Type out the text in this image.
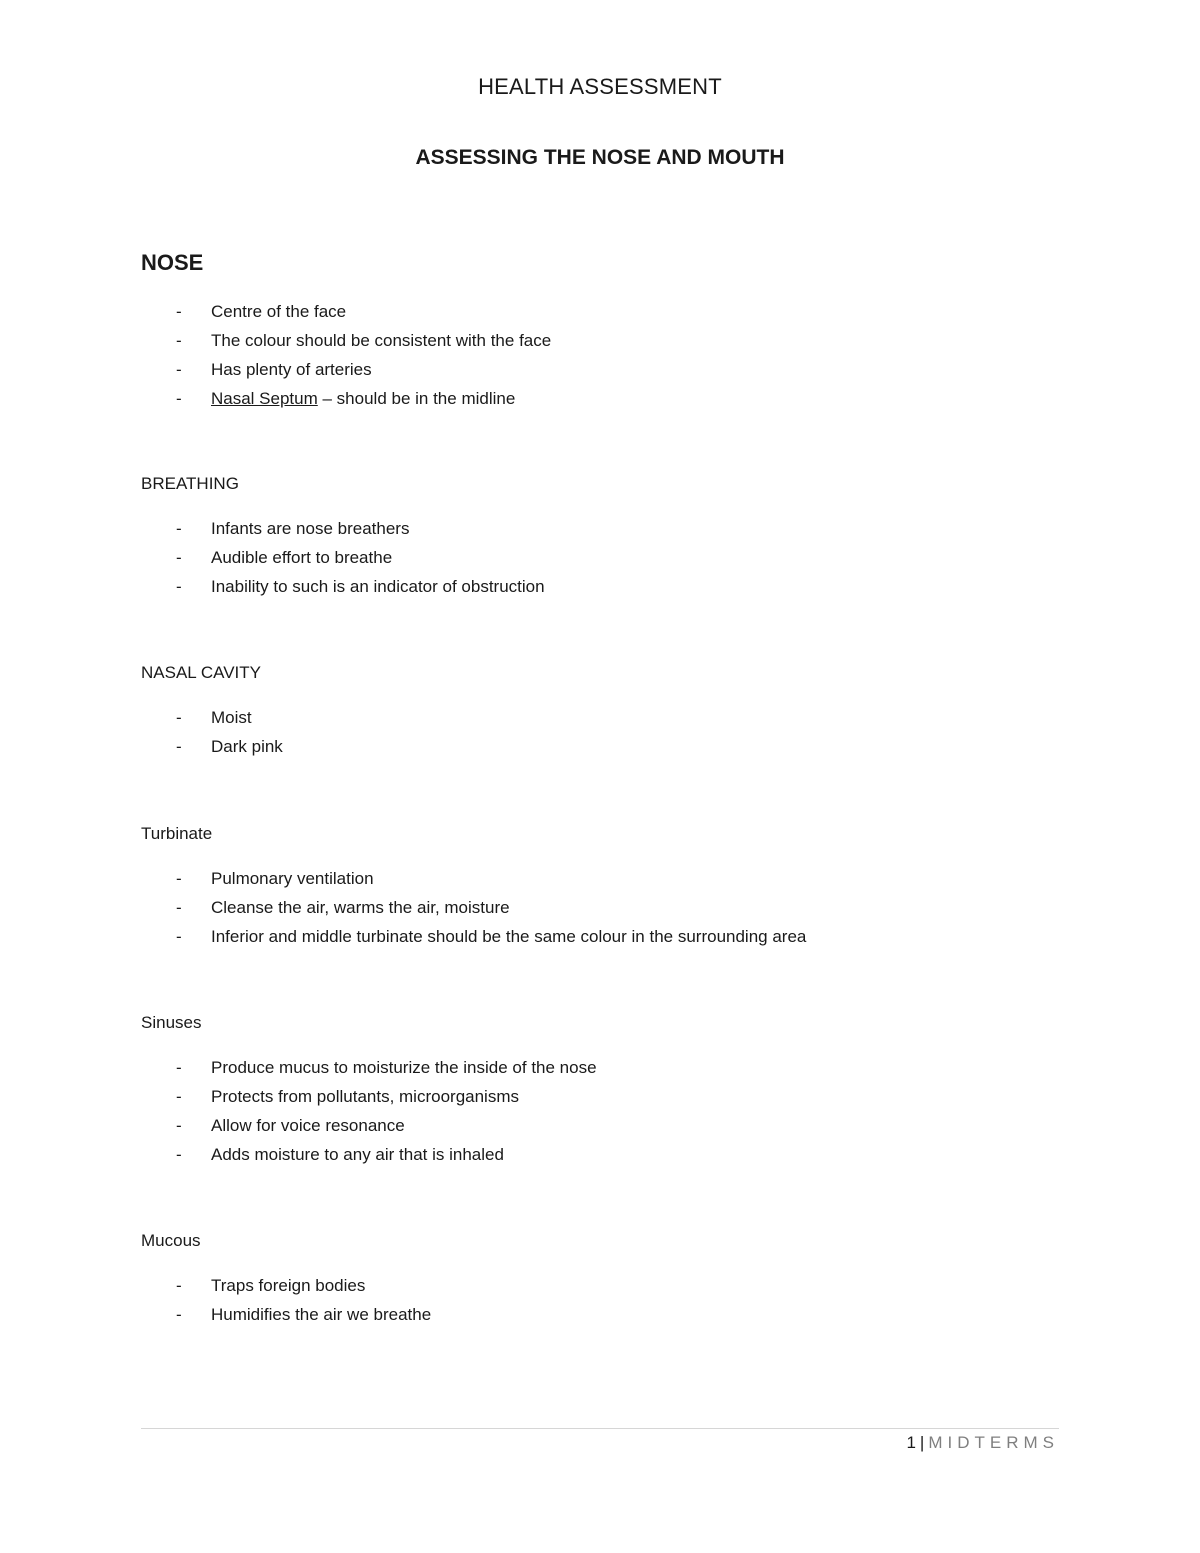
HEALTH ASSESSMENT
ASSESSING THE NOSE AND MOUTH
NOSE
- Centre of the face
- The colour should be consistent with the face
- Has plenty of arteries
- Nasal Septum – should be in the midline
BREATHING
- Infants are nose breathers
- Audible effort to breathe
- Inability to such is an indicator of obstruction
NASAL CAVITY
- Moist
- Dark pink
Turbinate
- Pulmonary ventilation
- Cleanse the air, warms the air, moisture
- Inferior and middle turbinate should be the same colour in the surrounding area
Sinuses
- Produce mucus to moisturize the inside of the nose
- Protects from pollutants, microorganisms
- Allow for voice resonance
- Adds moisture to any air that is inhaled
Mucous
- Traps foreign bodies
- Humidifies the air we breathe
1 | MIDTERMS
